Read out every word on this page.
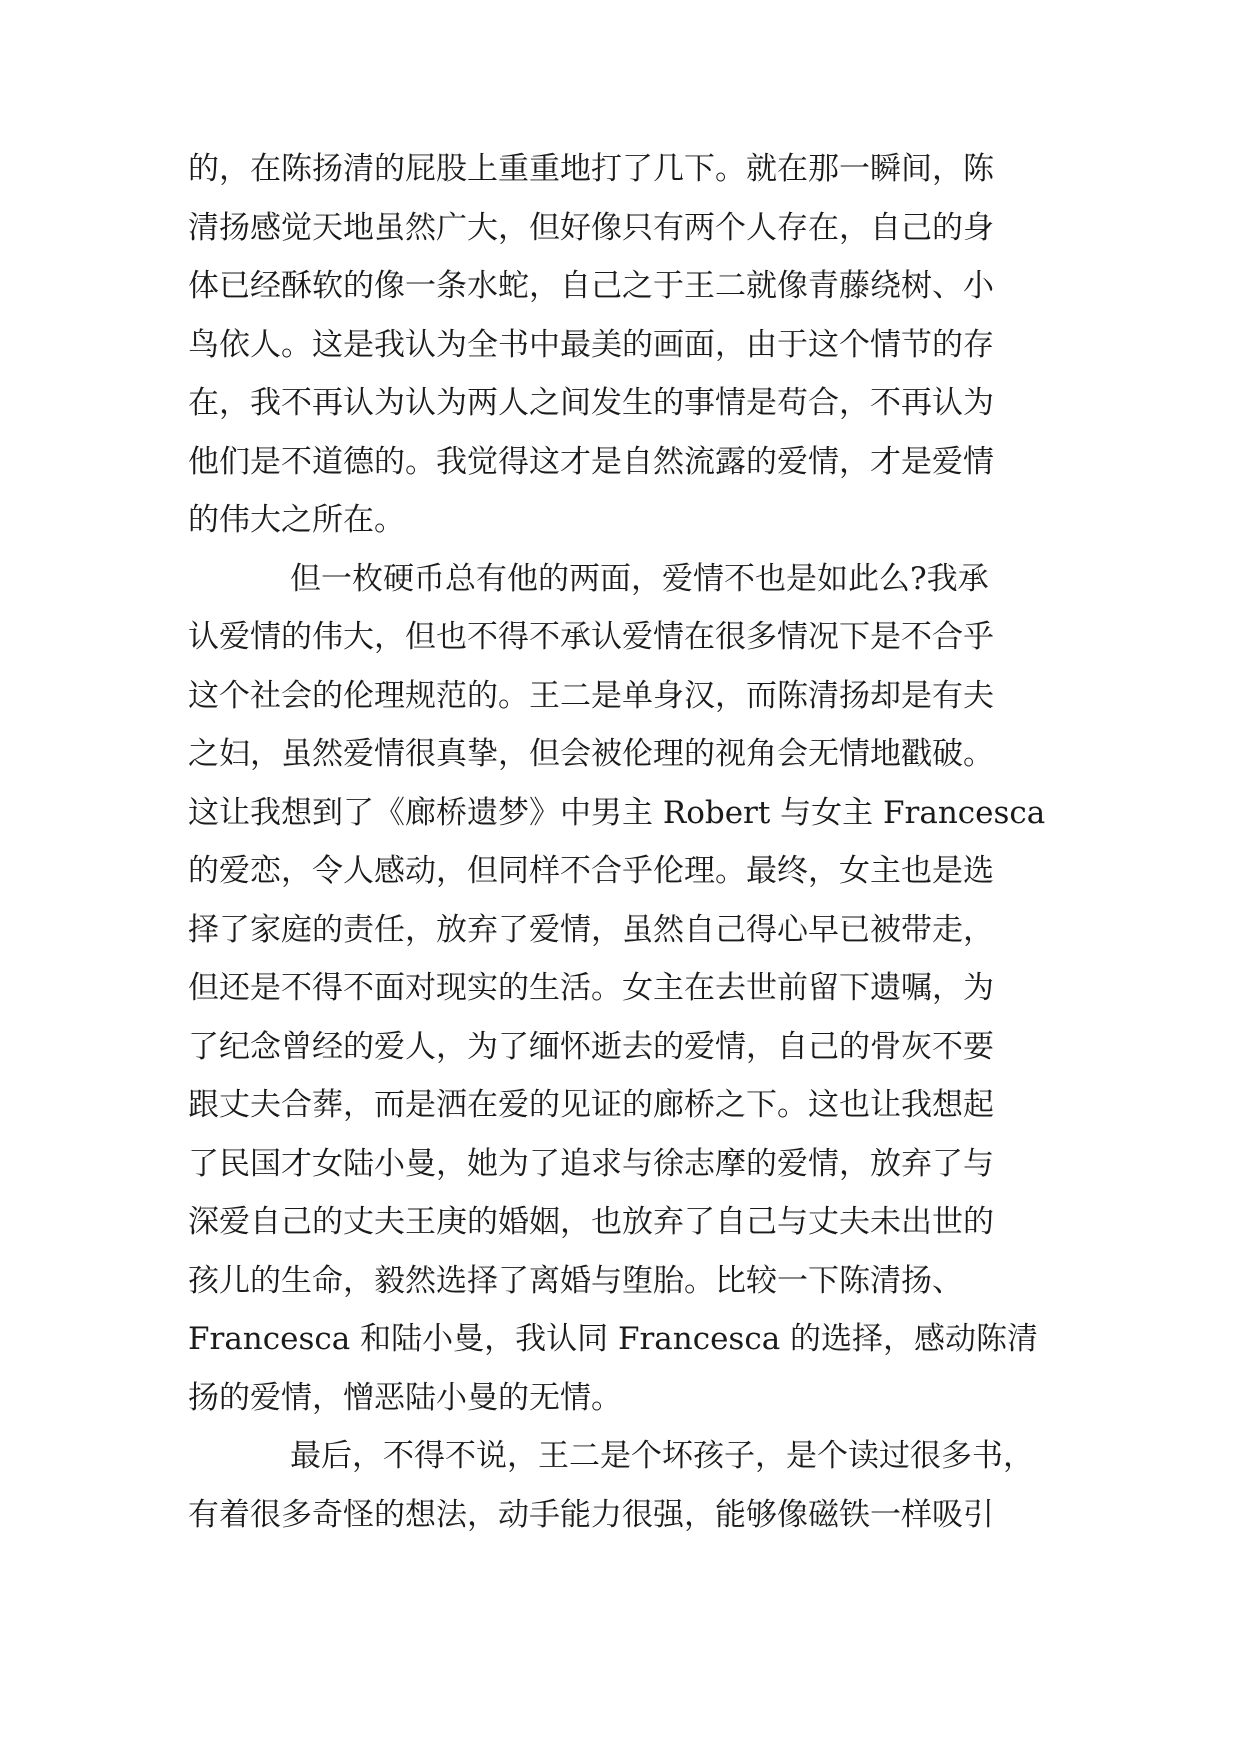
的，在陈扬清的屁股上重重地打了几下。就在那一瞬间，陈
清扬感觉天地虽然广大，但好像只有两个人存在，自己的身
体已经酥软的像一条水蛇，自己之于王二就像青藤绕树、小
鸟依人。这是我认为全书中最美的画面，由于这个情节的存
在，我不再认为认为两人之间发生的事情是苟合，不再认为
他们是不道德的。我觉得这才是自然流露的爱情，才是爱情
的伟大之所在。
但一枚硬币总有他的两面，爱情不也是如此么?我承
认爱情的伟大，但也不得不承认爱情在很多情况下是不合乎
这个社会的伦理规范的。王二是单身汉，而陈清扬却是有夫
之妇，虽然爱情很真挚，但会被伦理的视角会无情地戳破。
这让我想到了《廊桥遗梦》中男主 Robert 与女主 Francesca
的爱恋，令人感动，但同样不合乎伦理。最终，女主也是选
择了家庭的责任，放弃了爱情，虽然自己得心早已被带走，
但还是不得不面对现实的生活。女主在去世前留下遗嘱，为
了纪念曾经的爱人，为了缅怀逝去的爱情，自己的骨灰不要
跟丈夫合葬，而是洒在爱的见证的廊桥之下。这也让我想起
了民国才女陆小曼，她为了追求与徐志摩的爱情，放弃了与
深爱自己的丈夫王庚的婚姻，也放弃了自己与丈夫未出世的
孩儿的生命，毅然选择了离婚与堕胎。比较一下陈清扬、
Francesca 和陆小曼，我认同 Francesca 的选择，感动陈清
扬的爱情，憎恶陆小曼的无情。
最后，不得不说，王二是个坏孩子，是个读过很多书，
有着很多奇怪的想法，动手能力很强，能够像磁铁一样吸引
